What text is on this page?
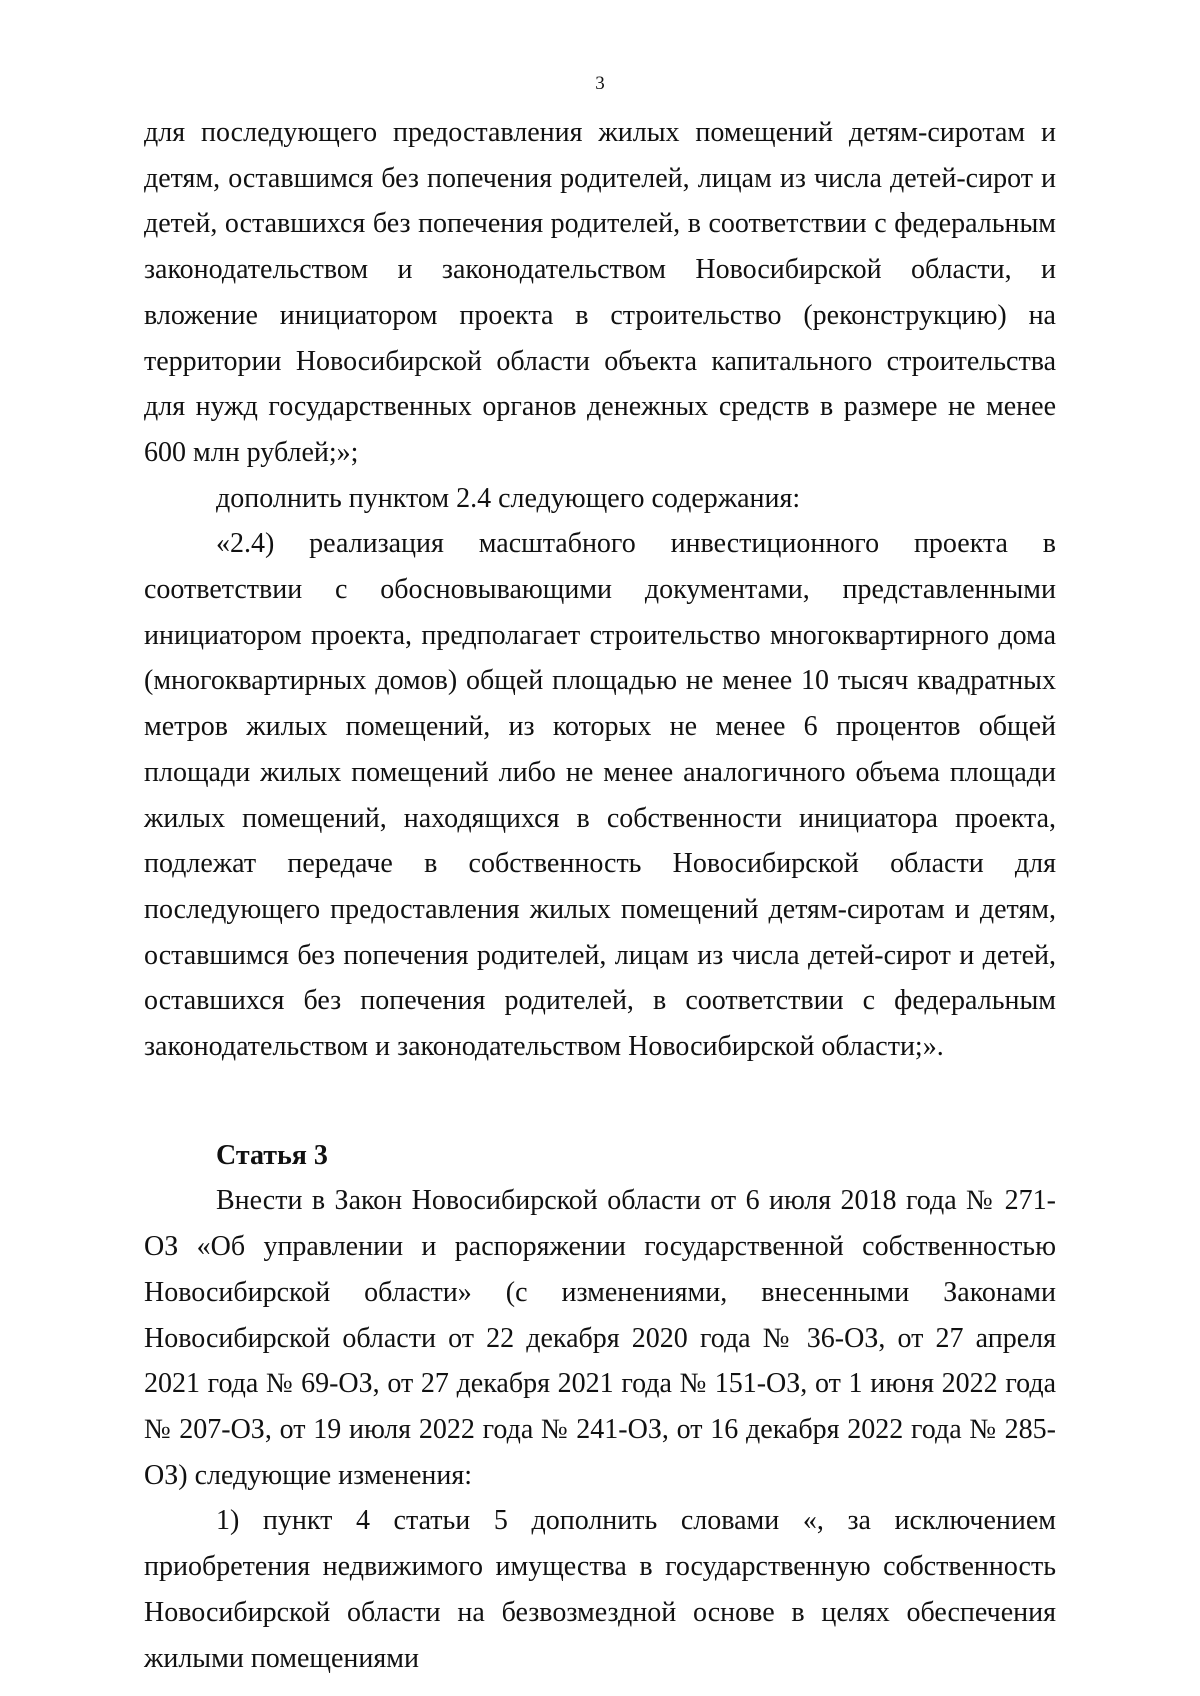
3

для последующего предоставления жилых помещений детям-сиротам и детям, оставшимся без попечения родителей, лицам из числа детей-сирот и детей, оставшихся без попечения родителей, в соответствии с федеральным законодательством и законодательством Новосибирской области, и вложение инициатором проекта в строительство (реконструкцию) на территории Новосибирской области объекта капитального строительства для нужд государственных органов денежных средств в размере не менее 600 млн рублей;»;

дополнить пунктом 2.4 следующего содержания:

«2.4) реализация масштабного инвестиционного проекта в соответствии с обосновывающими документами, представленными инициатором проекта, предполагает строительство многоквартирного дома (многоквартирных домов) общей площадью не менее 10 тысяч квадратных метров жилых помещений, из которых не менее 6 процентов общей площади жилых помещений либо не менее аналогичного объема площади жилых помещений, находящихся в собственности инициатора проекта, подлежат передаче в собственность Новосибирской области для последующего предоставления жилых помещений детям-сиротам и детям, оставшимся без попечения родителей, лицам из числа детей-сирот и детей, оставшихся без попечения родителей, в соответствии с федеральным законодательством и законодательством Новосибирской области;».

Статья 3

Внести в Закон Новосибирской области от 6 июля 2018 года № 271-ОЗ «Об управлении и распоряжении государственной собственностью Новосибирской области» (с изменениями, внесенными Законами Новосибирской области от 22 декабря 2020 года № 36-ОЗ, от 27 апреля 2021 года № 69-ОЗ, от 27 декабря 2021 года № 151-ОЗ, от 1 июня 2022 года № 207-ОЗ, от 19 июля 2022 года № 241-ОЗ, от 16 декабря 2022 года № 285-ОЗ) следующие изменения:

1) пункт 4 статьи 5 дополнить словами «, за исключением приобретения недвижимого имущества в государственную собственность Новосибирской области на безвозмездной основе в целях обеспечения жилыми помещениями
